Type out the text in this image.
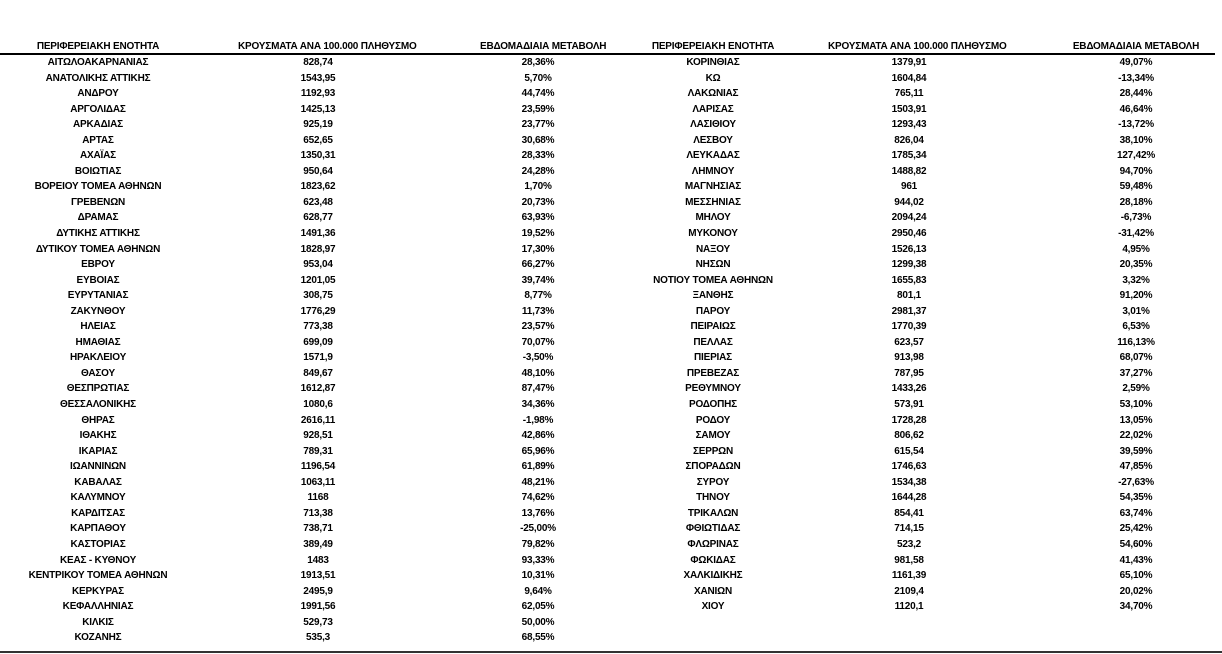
ΠΕΡΙΦΕΡΕΙΑΚΗ ΕΝΟΤΗΤΑ
ΑΙΤΩΛΟΑΚΑΡΝΑΝΙΑΣ
ΑΝΑΤΟΛΙΚΗΣ ΑΤΤΙΚΗΣ
ΑΝΔΡΟΥ
ΑΡΓΟΛΙΔΑΣ
ΑΡΚΑΔΙΑΣ
ΑΡΤΑΣ
ΑΧΑΪΑΣ
ΒΟΙΩΤΙΑΣ
ΒΟΡΕΙΟΥ ΤΟΜΕΑ ΑΘΗΝΩΝ
ΓΡΕΒΕΝΩΝ
ΔΡΑΜΑΣ
ΔΥΤΙΚΗΣ ΑΤΤΙΚΗΣ
ΔΥΤΙΚΟΥ ΤΟΜΕΑ ΑΘΗΝΩΝ
ΕΒΡΟΥ
ΕΥΒΟΙΑΣ
ΕΥΡΥΤΑΝΙΑΣ
ΖΑΚΥΝΘΟΥ
ΗΛΕΙΑΣ
ΗΜΑΘΙΑΣ
ΗΡΑΚΛΕΙΟΥ
ΘΑΣΟΥ
ΘΕΣΠΡΩΤΙΑΣ
ΘΕΣΣΑΛΟΝΙΚΗΣ
ΘΗΡΑΣ
ΙΘΑΚΗΣ
ΙΚΑΡΙΑΣ
ΙΩΑΝΝΙΝΩΝ
ΚΑΒΑΛΑΣ
ΚΑΛΥΜΝΟΥ
ΚΑΡΔΙΤΣΑΣ
ΚΑΡΠΑΘΟΥ
ΚΑΣΤΟΡΙΑΣ
ΚΕΑΣ - ΚΥΘΝΟΥ
ΚΕΝΤΡΙΚΟΥ ΤΟΜΕΑ ΑΘΗΝΩΝ
ΚΕΡΚΥΡΑΣ
ΚΕΦΑΛΛΗΝΙΑΣ
ΚΙΛΚΙΣ
ΚΟΖΑΝΗΣ
ΚΡΟΥΣΜΑΤΑ ΑΝΑ 100.000 ΠΛΗΘΥΣΜΟ
828,74
1543,95
1192,93
1425,13
925,19
652,65
1350,31
950,64
1823,62
623,48
628,77
1491,36
1828,97
953,04
1201,05
308,75
1776,29
773,38
699,09
1571,9
849,67
1612,87
1080,6
2616,11
928,51
789,31
1196,54
1063,11
1168
713,38
738,71
389,49
1483
1913,51
2495,9
1991,56
529,73
535,3
ΕΒΔΟΜΑΔΙΑΙΑ ΜΕΤΑΒΟΛΗ
28,36%
5,70%
44,74%
23,59%
23,77%
30,68%
28,33%
24,28%
1,70%
20,73%
63,93%
19,52%
17,30%
66,27%
39,74%
8,77%
11,73%
23,57%
70,07%
-3,50%
48,10%
87,47%
34,36%
-1,98%
42,86%
65,96%
61,89%
48,21%
74,62%
13,76%
-25,00%
79,82%
93,33%
10,31%
9,64%
62,05%
50,00%
68,55%
ΠΕΡΙΦΕΡΕΙΑΚΗ ΕΝΟΤΗΤΑ
ΚΟΡΙΝΘΙΑΣ
ΚΩ
ΛΑΚΩΝΙΑΣ
ΛΑΡΙΣΑΣ
ΛΑΣΙΘΙΟΥ
ΛΕΣΒΟΥ
ΛΕΥΚΑΔΑΣ
ΛΗΜΝΟΥ
ΜΑΓΝΗΣΙΑΣ
ΜΕΣΣΗΝΙΑΣ
ΜΗΛΟΥ
ΜΥΚΟΝΟΥ
ΝΑΞΟΥ
ΝΗΣΩΝ
ΝΟΤΙΟΥ ΤΟΜΕΑ ΑΘΗΝΩΝ
ΞΑΝΘΗΣ
ΠΑΡΟΥ
ΠΕΙΡΑΙΩΣ
ΠΕΛΛΑΣ
ΠΙΕΡΙΑΣ
ΠΡΕΒΕΖΑΣ
ΡΕΘΥΜΝΟΥ
ΡΟΔΟΠΗΣ
ΡΟΔΟΥ
ΣΑΜΟΥ
ΣΕΡΡΩΝ
ΣΠΟΡΑΔΩΝ
ΣΥΡΟΥ
ΤΗΝΟΥ
ΤΡΙΚΑΛΩΝ
ΦΘΙΩΤΙΔΑΣ
ΦΛΩΡΙΝΑΣ
ΦΩΚΙΔΑΣ
ΧΑΛΚΙΔΙΚΗΣ
ΧΑΝΙΩΝ
ΧΙΟΥ
ΚΡΟΥΣΜΑΤΑ ΑΝΑ 100.000 ΠΛΗΘΥΣΜΟ
1379,91
1604,84
765,11
1503,91
1293,43
826,04
1785,34
1488,82
961
944,02
2094,24
2950,46
1526,13
1299,38
1655,83
801,1
2981,37
1770,39
623,57
913,98
787,95
1433,26
573,91
1728,28
806,62
615,54
1746,63
1534,38
1644,28
854,41
714,15
523,2
981,58
1161,39
2109,4
1120,1
ΕΒΔΟΜΑΔΙΑΙΑ ΜΕΤΑΒΟΛΗ
49,07%
-13,34%
28,44%
46,64%
-13,72%
38,10%
127,42%
94,70%
59,48%
28,18%
-6,73%
-31,42%
4,95%
20,35%
3,32%
91,20%
3,01%
6,53%
116,13%
68,07%
37,27%
2,59%
53,10%
13,05%
22,02%
39,59%
47,85%
-27,63%
54,35%
63,74%
25,42%
54,60%
41,43%
65,10%
20,02%
34,70%
